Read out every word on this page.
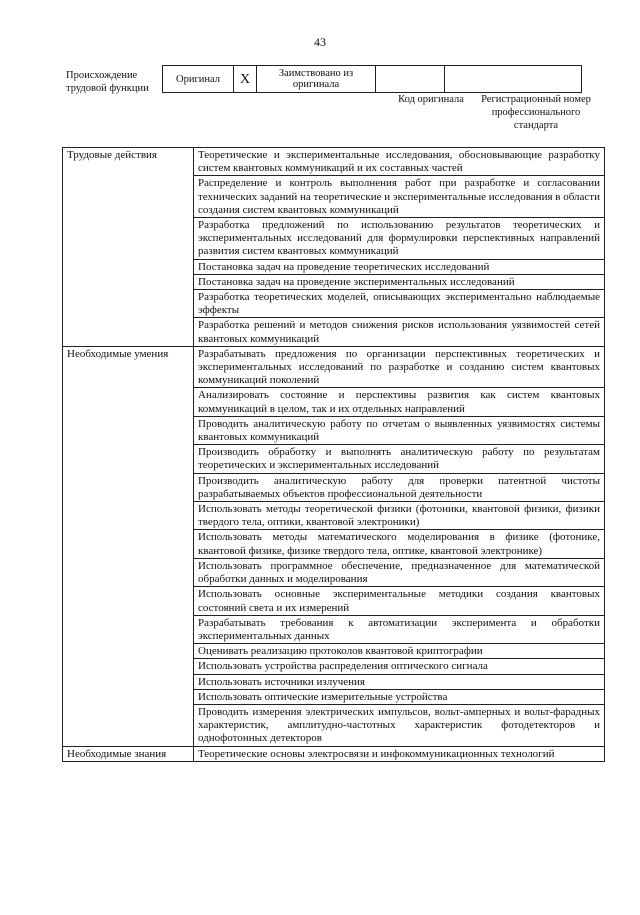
43
Происхождение трудовой функции
Оригинал	X	Заимствовано из оригинала		
Код оригинала	Регистрационный номер профессионального стандарта
Трудовые действия	Теоретические и экспериментальные исследования, обосновывающие разработку систем квантовых коммуникаций и их составных частей
	Распределение и контроль выполнения работ при разработке и согласовании технических заданий на теоретические и экспериментальные исследования в области создания систем квантовых коммуникаций
	Разработка предложений по использованию результатов теоретических и экспериментальных исследований для формулировки перспективных направлений развития систем квантовых коммуникаций
	Постановка задач на проведение теоретических исследований
	Постановка задач на проведение экспериментальных исследований
	Разработка теоретических моделей, описывающих экспериментально наблюдаемые эффекты
	Разработка решений и методов снижения рисков использования уязвимостей сетей квантовых коммуникаций
Необходимые умения	Разрабатывать предложения по организации перспективных теоретических и экспериментальных исследований по разработке и созданию систем квантовых коммуникаций поколений
	Анализировать состояние и перспективы развития как систем квантовых коммуникаций в целом, так и их отдельных направлений
	Проводить аналитическую работу по отчетам о выявленных уязвимостях системы квантовых коммуникаций
	Производить обработку и выполнять аналитическую работу по результатам теоретических и экспериментальных исследований
	Производить аналитическую работу для проверки патентной чистоты разрабатываемых объектов профессиональной деятельности
	Использовать методы теоретической физики (фотоники, квантовой физики, физики твердого тела, оптики, квантовой электроники)
	Использовать методы математического моделирования в физике (фотонике, квантовой физике, физике твердого тела, оптике, квантовой электронике)
	Использовать программное обеспечение, предназначенное для математической обработки данных и моделирования
	Использовать основные экспериментальные методики создания квантовых состояний света и их измерений
	Разрабатывать требования к автоматизации эксперимента и обработки экспериментальных данных
	Оценивать реализацию протоколов квантовой криптографии
	Использовать устройства распределения оптического сигнала
	Использовать источники излучения
	Использовать оптические измерительные устройства
	Проводить измерения электрических импульсов, вольт-амперных и вольт-фарадных характеристик, амплитудно-частотных характеристик фотодетекторов и однофотонных детекторов
Необходимые знания	Теоретические основы электросвязи и инфокоммуникационных технологий
